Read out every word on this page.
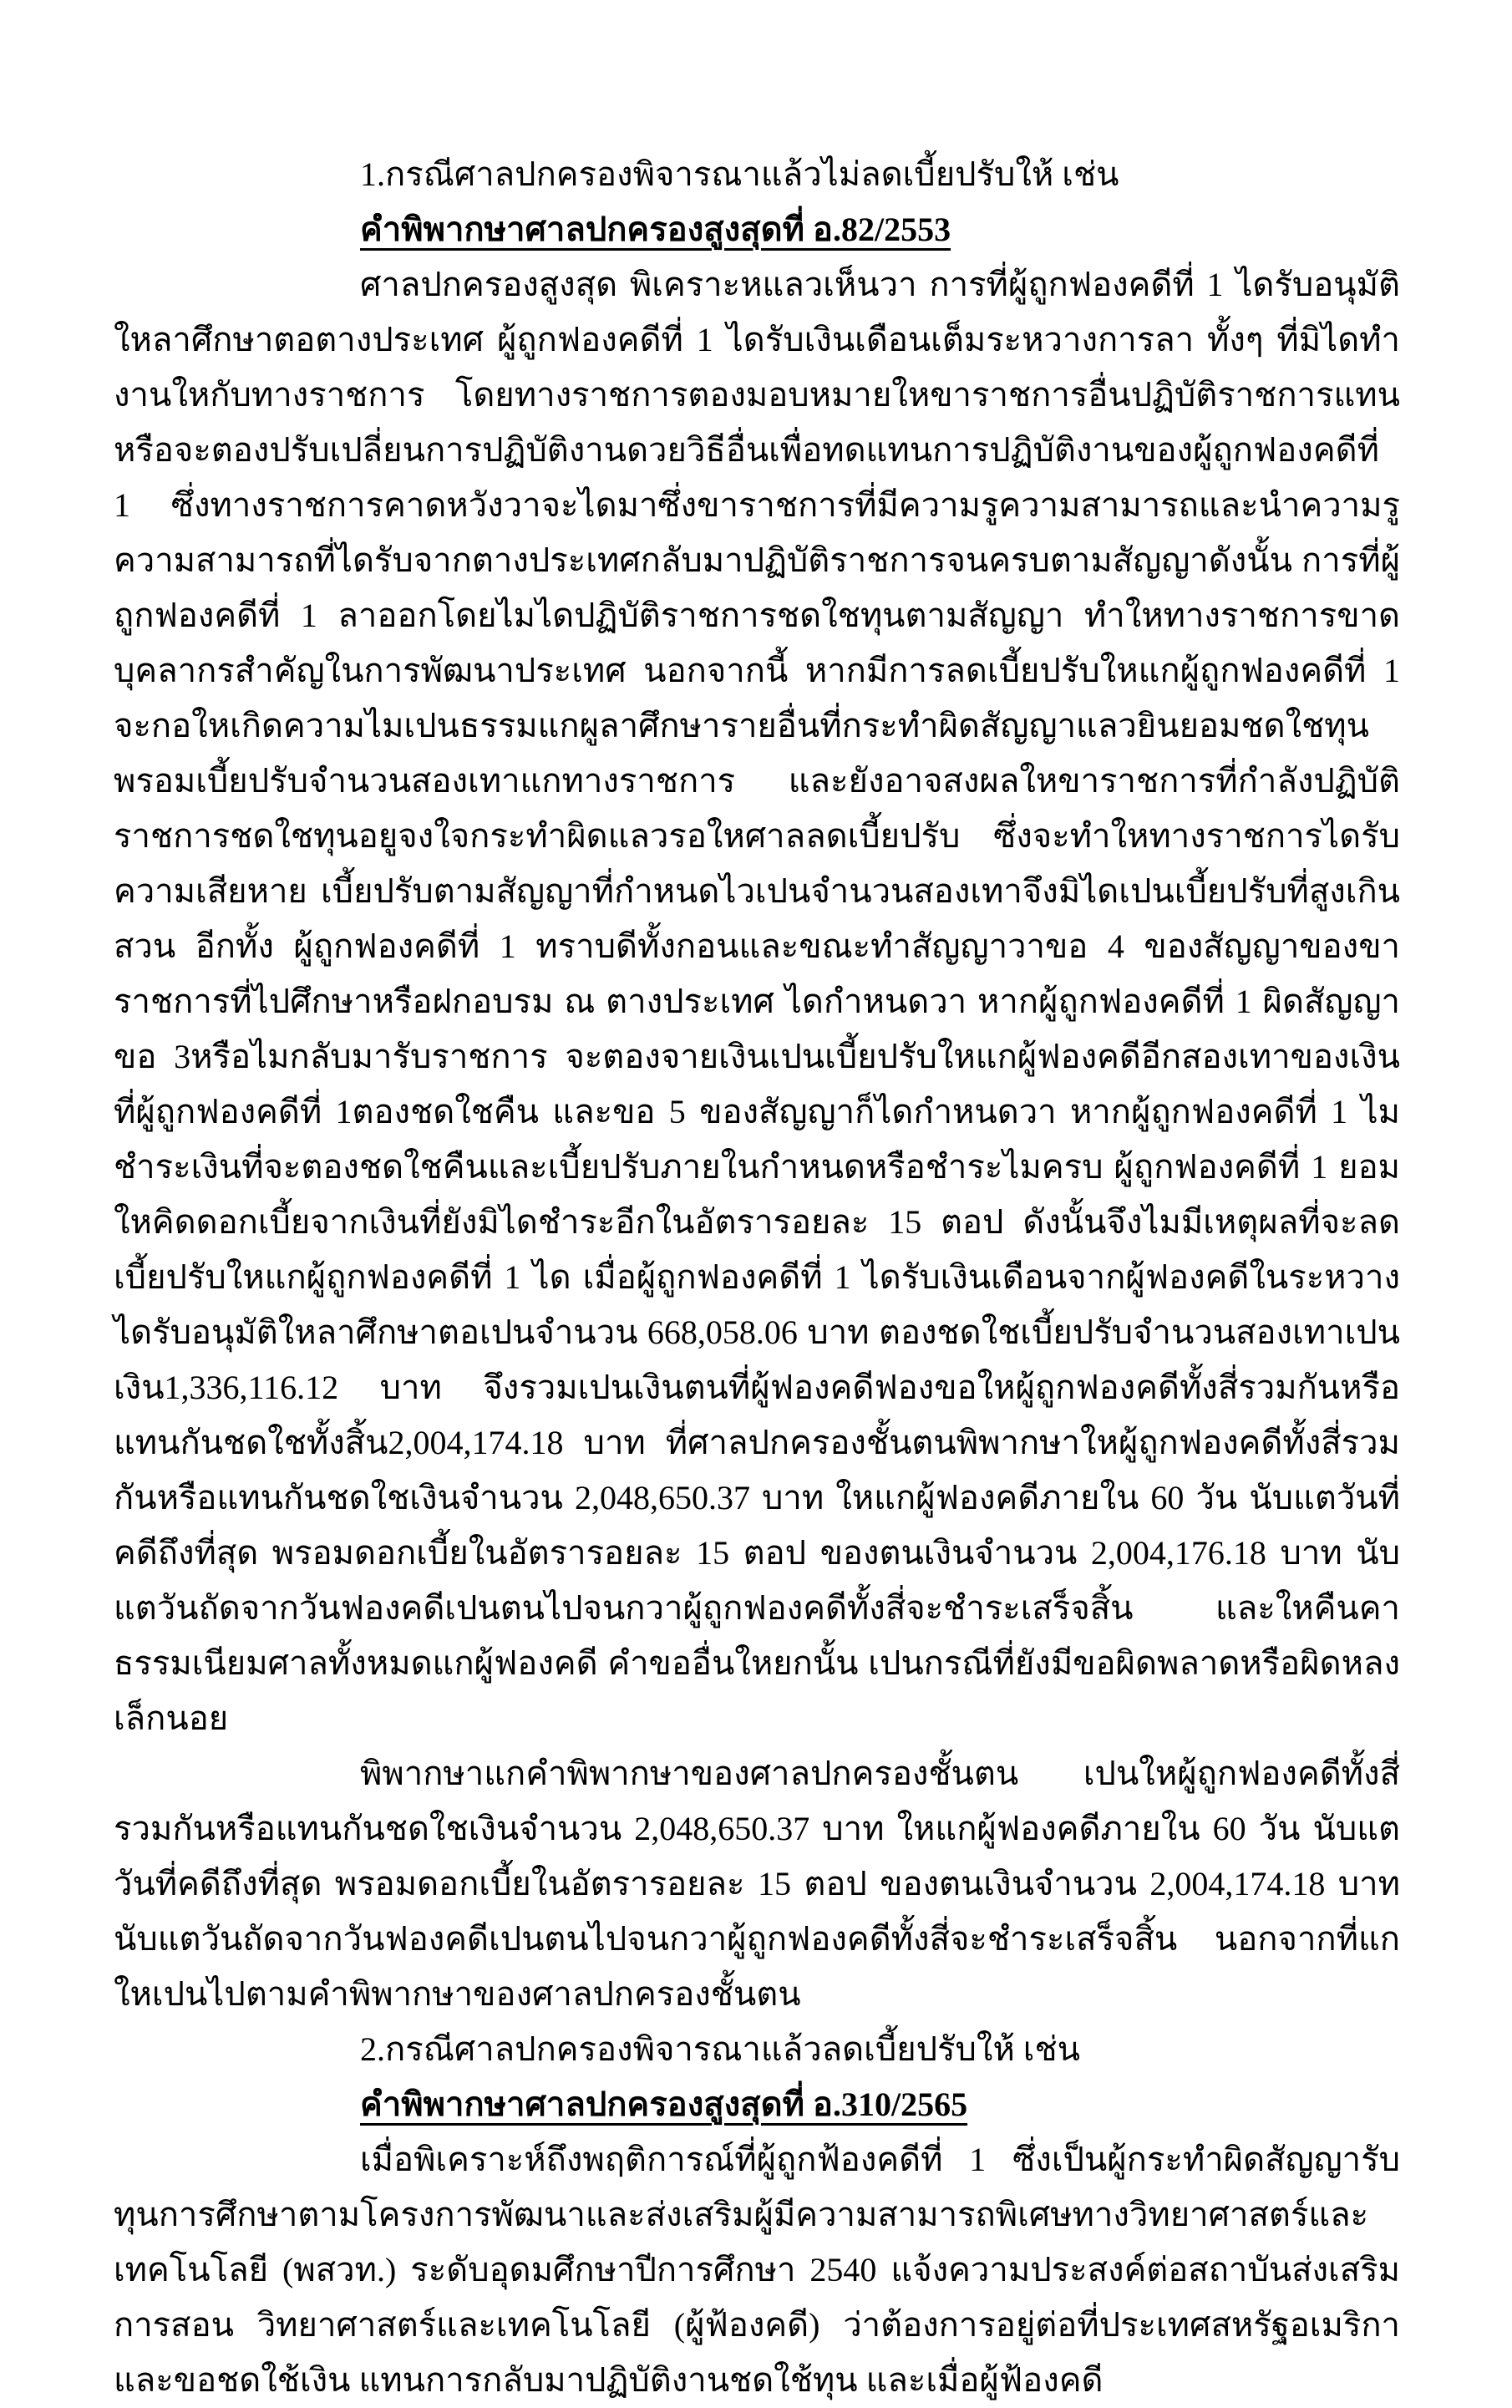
1.กรณีศาลปกครองพิจารณาแล้วไม่ลดเบี้ยปรับให้ เช่น
คำพิพากษาศาลปกครองสูงสุดที่ อ.82/2553
ศาลปกครองสูงสุด พิเคราะหแลวเห็นวา การที่ผู้ถูกฟองคดีที่ 1 ไดรับอนุมัติใหลาศึกษาตอตางประเทศ ผู้ถูกฟองคดีที่ 1 ไดรับเงินเดือนเต็มระหวางการลา ทั้งๆ ที่มิไดทำงานใหกับทางราชการ โดยทางราชการตองมอบหมายใหขาราชการอื่นปฏิบัติราชการแทนหรือจะตองปรับเปลี่ยนการปฏิบัติงานดวยวิธีอื่นเพื่อทดแทนการปฏิบัติงานของผู้ถูกฟองคดีที่ 1 ซึ่งทางราชการคาดหวังวาจะไดมาซึ่งขาราชการที่มีความรูความสามารถและนำความรูความสามารถที่ไดรับจากตางประเทศกลับมาปฏิบัติราชการจนครบตามสัญญาดังนั้น การที่ผู้ถูกฟองคดีที่ 1 ลาออกโดยไมไดปฏิบัติราชการชดใชทุนตามสัญญา ทำใหทางราชการขาดบุคลากรสำคัญในการพัฒนาประเทศ นอกจากนี้ หากมีการลดเบี้ยปรับใหแกผู้ถูกฟองคดีที่ 1 จะกอใหเกิดความไมเปนธรรมแกผูลาศึกษารายอื่นที่กระทำผิดสัญญาแลวยินยอมชดใชทุนพรอมเบี้ยปรับจำนวนสองเทาแกทางราชการ และยังอาจสงผลใหขาราชการที่กำลังปฏิบัติราชการชดใชทุนอยูจงใจกระทำผิดแลวรอใหศาลลดเบี้ยปรับ ซึ่งจะทำใหทางราชการไดรับความเสียหาย เบี้ยปรับตามสัญญาที่กำหนดไวเปนจำนวนสองเทาจึงมิไดเปนเบี้ยปรับที่สูงเกินสวน อีกทั้ง ผู้ถูกฟองคดีที่ 1 ทราบดีทั้งกอนและขณะทำสัญญาวาขอ 4 ของสัญญาของขาราชการที่ไปศึกษาหรือฝกอบรม ณ ตางประเทศ ไดกำหนดวา หากผู้ถูกฟองคดีที่ 1 ผิดสัญญาขอ 3หรือไมกลับมารับราชการ จะตองจายเงินเปนเบี้ยปรับใหแกผู้ฟองคดีอีกสองเทาของเงินที่ผู้ถูกฟองคดีที่ 1ตองชดใชคืน และขอ 5 ของสัญญาก็ไดกำหนดวา หากผู้ถูกฟองคดีที่ 1 ไมชำระเงินที่จะตองชดใชคืนและเบี้ยปรับภายในกำหนดหรือชำระไมครบ ผู้ถูกฟองคดีที่ 1 ยอมใหคิดดอกเบี้ยจากเงินที่ยังมิไดชำระอีกในอัตรารอยละ 15 ตอป ดังนั้นจึงไมมีเหตุผลที่จะลดเบี้ยปรับใหแกผู้ถูกฟองคดีที่ 1 ได เมื่อผู้ถูกฟองคดีที่ 1 ไดรับเงินเดือนจากผู้ฟองคดีในระหวางไดรับอนุมัติใหลาศึกษาตอเปนจำนวน 668,058.06 บาท ตองชดใชเบี้ยปรับจำนวนสองเทาเปนเงิน1,336,116.12 บาท จึงรวมเปนเงินตนที่ผู้ฟองคดีฟองขอใหผู้ถูกฟองคดีทั้งสี่รวมกันหรือแทนกันชดใชทั้งสิ้น2,004,174.18 บาท ที่ศาลปกครองชั้นตนพิพากษาใหผู้ถูกฟองคดีทั้งสี่รวมกันหรือแทนกันชดใชเงินจำนวน 2,048,650.37 บาท ใหแกผู้ฟองคดีภายใน 60 วัน นับแตวันที่คดีถึงที่สุด พรอมดอกเบี้ยในอัตรารอยละ 15 ตอป ของตนเงินจำนวน 2,004,176.18 บาท นับแตวันถัดจากวันฟองคดีเปนตนไปจนกวาผู้ถูกฟองคดีทั้งสี่จะชำระเสร็จสิ้น และใหคืนคาธรรมเนียมศาลทั้งหมดแกผู้ฟองคดี คำขออื่นใหยกนั้น เปนกรณีที่ยังมีขอผิดพลาดหรือผิดหลงเล็กนอย
พิพากษาแกคำพิพากษาของศาลปกครองชั้นตน เปนใหผู้ถูกฟองคดีทั้งสี่รวมกันหรือแทนกันชดใชเงินจำนวน 2,048,650.37 บาท ใหแกผู้ฟองคดีภายใน 60 วัน นับแตวันที่คดีถึงที่สุด พรอมดอกเบี้ยในอัตรารอยละ 15 ตอป ของตนเงินจำนวน 2,004,174.18 บาท นับแตวันถัดจากวันฟองคดีเปนตนไปจนกวาผู้ถูกฟองคดีทั้งสี่จะชำระเสร็จสิ้น นอกจากที่แกใหเปนไปตามคำพิพากษาของศาลปกครองชั้นตน
2.กรณีศาลปกครองพิจารณาแล้วลดเบี้ยปรับให้ เช่น
คำพิพากษาศาลปกครองสูงสุดที่ อ.310/2565
เมื่อพิเคราะห์ถึงพฤติการณ์ที่ผู้ถูกฟ้องคดีที่ 1 ซึ่งเป็นผู้กระทำผิดสัญญารับทุนการศึกษาตามโครงการพัฒนาและส่งเสริมผู้มีความสามารถพิเศษทางวิทยาศาสตร์และเทคโนโลยี (พสวท.) ระดับอุดมศึกษาปีการศึกษา 2540 แจ้งความประสงค์ต่อสถาบันส่งเสริมการสอน วิทยาศาสตร์และเทคโนโลยี (ผู้ฟ้องคดี) ว่าต้องการอยู่ต่อที่ประเทศสหรัฐอเมริกา และขอชดใช้เงิน แทนการกลับมาปฏิบัติงานชดใช้ทุน และเมื่อผู้ฟ้องคดี
